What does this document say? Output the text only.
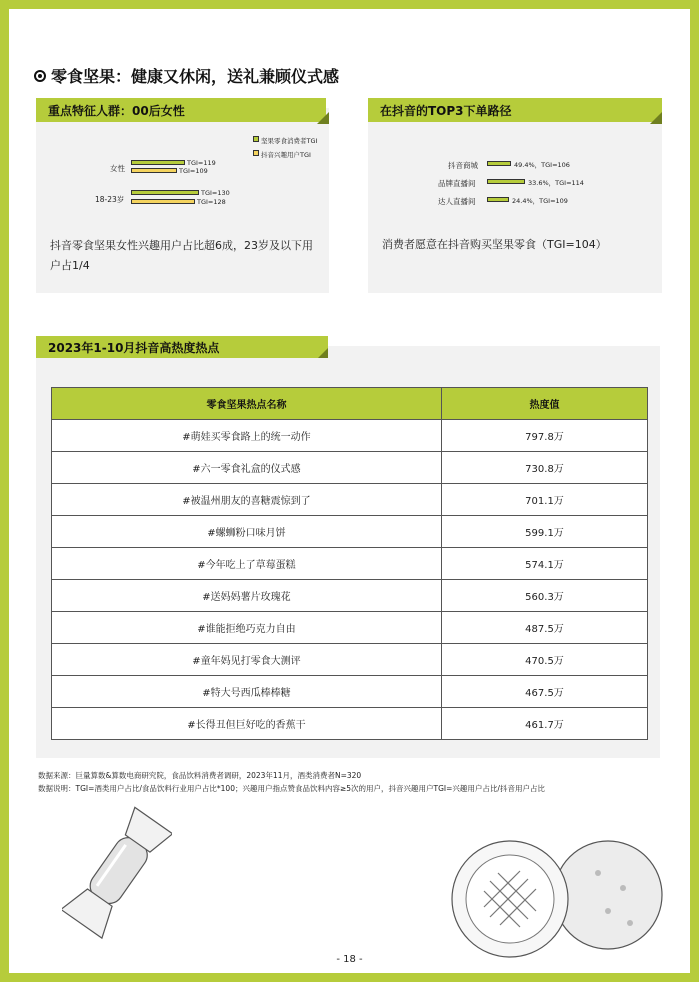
零食坚果：健康又休闲，送礼兼顾仪式感
重点特征人群：00后女性
坚果零食消费者TGI
抖音兴趣用户TGI
女性
TGI=119
TGI=109
18-23岁
TGI=130
TGI=128
抖音零食坚果女性兴趣用户占比超6成，23岁及以下用户占1/4
在抖音的TOP3下单路径
抖音商城	49.4%，TGI=106
品牌直播间	33.6%，TGI=114
达人直播间	24.4%，TGI=109
消费者愿意在抖音购买坚果零食（TGI=104）
2023年1-10月抖音高热度热点
零食坚果热点名称	热度值
#萌娃买零食路上的统一动作	797.8万
#六一零食礼盒的仪式感	730.8万
#被温州朋友的喜糖震惊到了	701.1万
#螺蛳粉口味月饼	599.1万
#今年吃上了草莓蛋糕	574.1万
#送妈妈薯片玫瑰花	560.3万
#谁能拒绝巧克力自由	487.5万
#童年妈见打零食大测评	470.5万
#特大号西瓜棒棒糖	467.5万
#长得丑但巨好吃的香蕉干	461.7万
数据来源：巨量算数&算数电商研究院，食品饮料消费者调研，2023年11月，酒类消费者N=320
数据说明：TGI=酒类用户占比/食品饮料行业用户占比*100；兴趣用户指点赞食品饮料内容≥5次的用户，抖音兴趣用户TGI=兴趣用户占比/抖音用户占比
- 18 -
